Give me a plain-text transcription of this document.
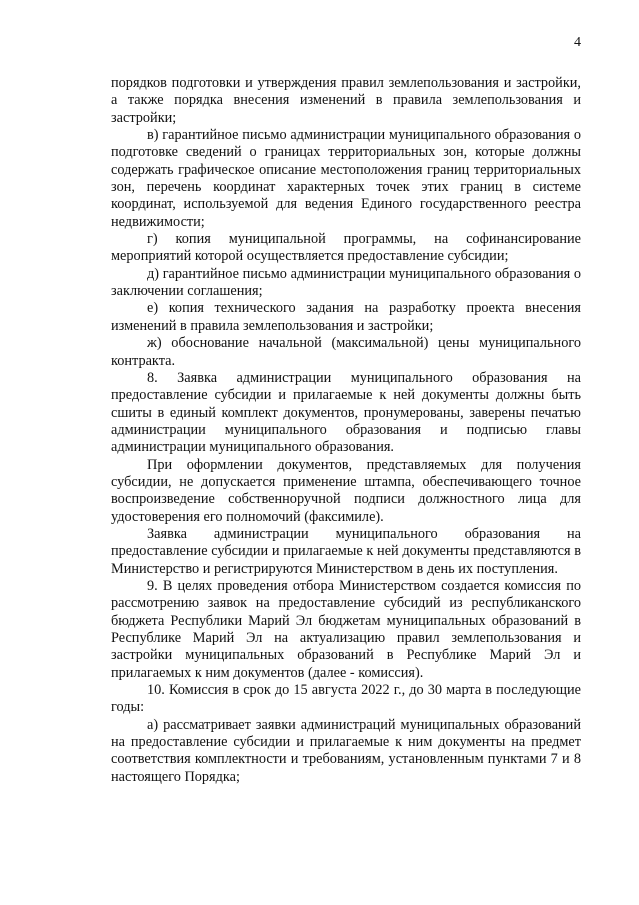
4

порядков подготовки и утверждения правил землепользования и застройки, а также порядка внесения изменений в правила землепользования и застройки;

в) гарантийное письмо администрации муниципального образования о подготовке сведений о границах территориальных зон, которые должны содержать графическое описание местоположения границ территориальных зон, перечень координат характерных точек этих границ в системе координат, используемой для ведения Единого государственного реестра недвижимости;

г) копия муниципальной программы, на софинансирование мероприятий которой осуществляется предоставление субсидии;

д) гарантийное письмо администрации муниципального образования о заключении соглашения;

е) копия технического задания на разработку проекта внесения изменений в правила землепользования и застройки;

ж) обоснование начальной (максимальной) цены муниципального контракта.

8. Заявка администрации муниципального образования на предоставление субсидии и прилагаемые к ней документы должны быть сшиты в единый комплект документов, пронумерованы, заверены печатью администрации муниципального образования и подписью главы администрации муниципального образования.

При оформлении документов, представляемых для получения субсидии, не допускается применение штампа, обеспечивающего точное воспроизведение собственноручной подписи должностного лица для удостоверения его полномочий (факсимиле).

Заявка администрации муниципального образования на предоставление субсидии и прилагаемые к ней документы представляются в Министерство и регистрируются Министерством в день их поступления.

9. В целях проведения отбора Министерством создается комиссия по рассмотрению заявок на предоставление субсидий из республиканского бюджета Республики Марий Эл бюджетам муниципальных образований в Республике Марий Эл на актуализацию правил землепользования и застройки муниципальных образований в Республике Марий Эл и прилагаемых к ним документов (далее - комиссия).

10. Комиссия в срок до 15 августа 2022 г., до 30 марта в последующие годы:

а) рассматривает заявки администраций муниципальных образований на предоставление субсидии и прилагаемые к ним документы на предмет соответствия комплектности и требованиям, установленным пунктами 7 и 8 настоящего Порядка;
